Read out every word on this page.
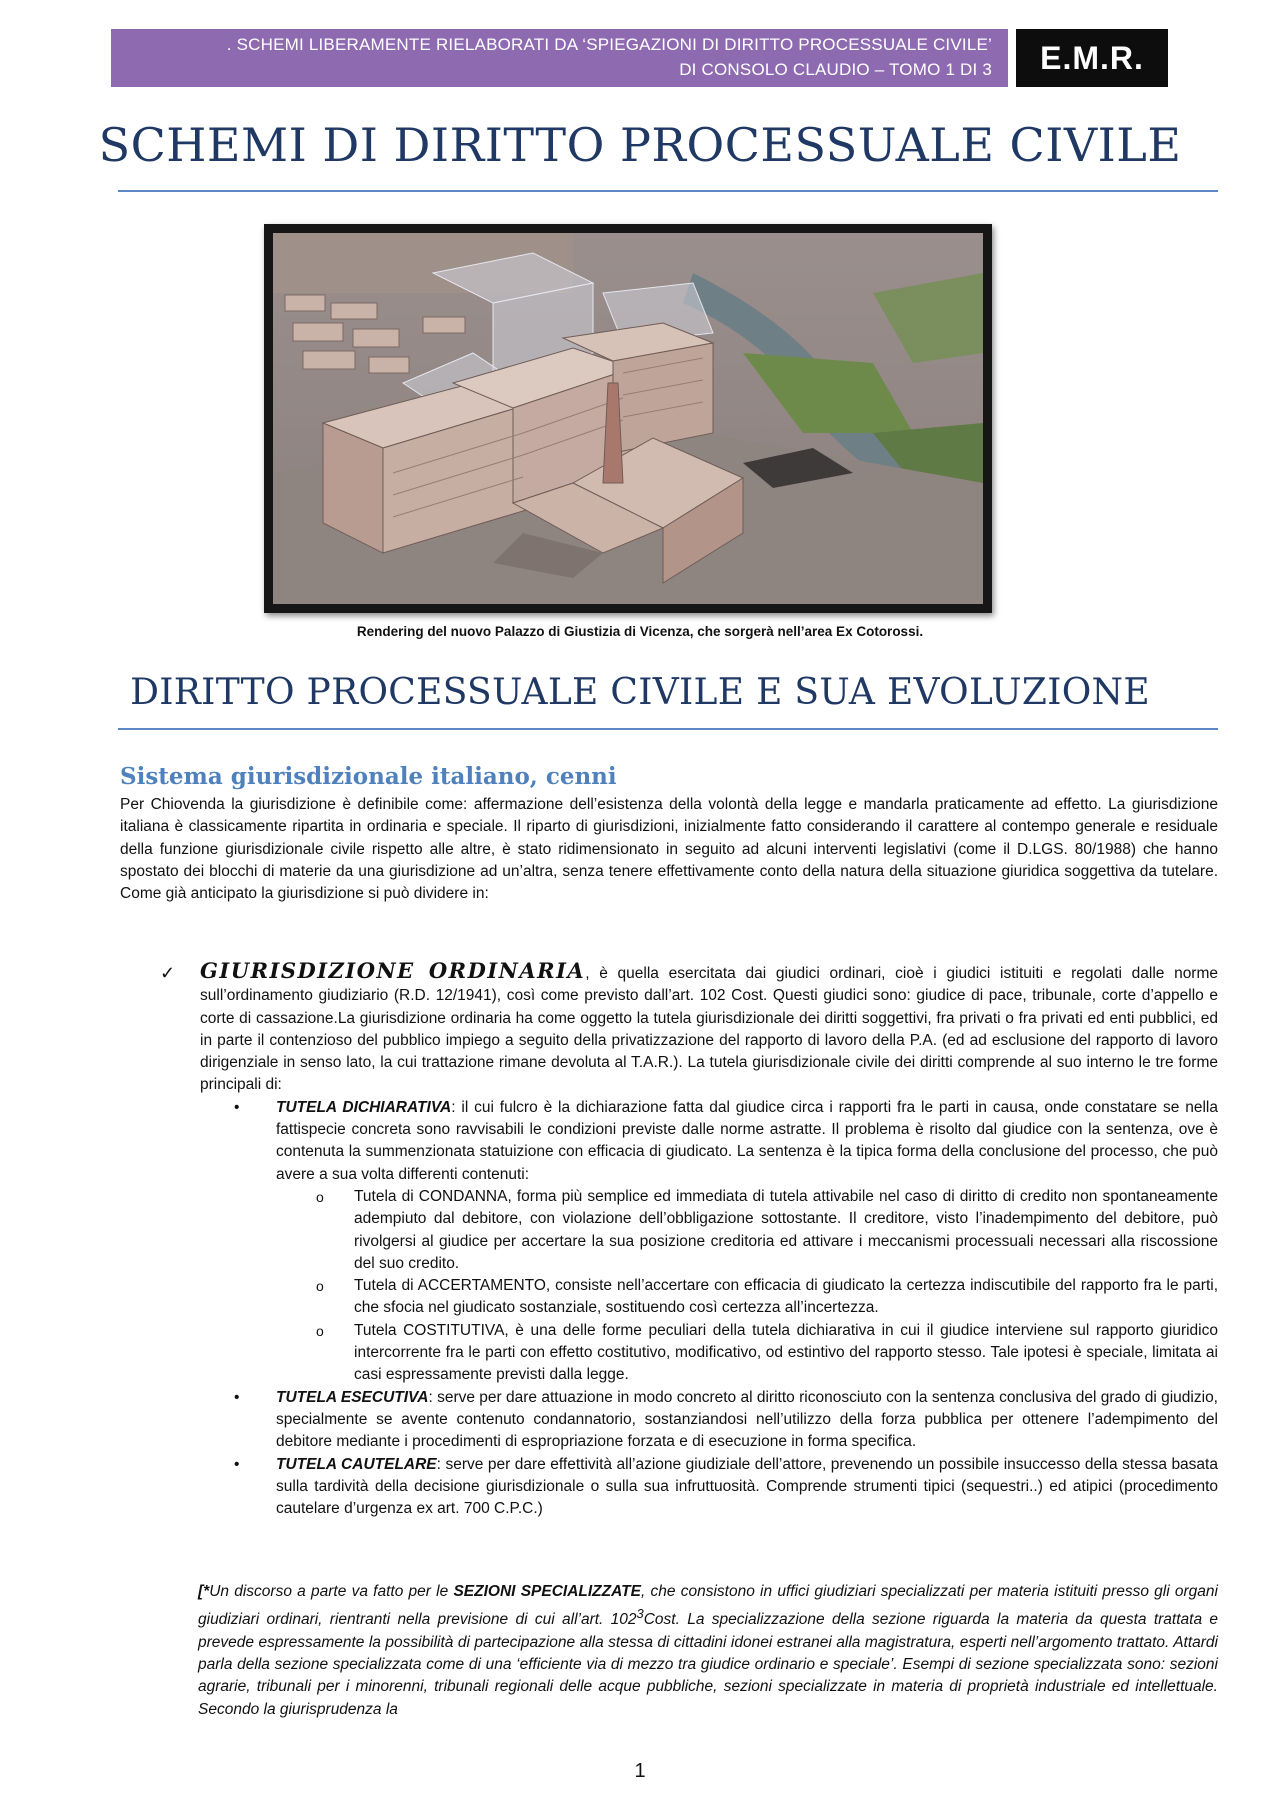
. SCHEMI LIBERAMENTE RIELABORATI DA ‘SPIEGAZIONI DI DIRITTO PROCESSUALE CIVILE’
DI CONSOLO CLAUDIO – TOMO 1 DI 3	E.M.R.
SCHEMI DI DIRITTO PROCESSUALE CIVILE
Rendering del nuovo Palazzo di Giustizia di Vicenza, che sorgerà nell’area Ex Cotorossi.
DIRITTO PROCESSUALE CIVILE E SUA EVOLUZIONE
Sistema giurisdizionale italiano, cenni

Per Chiovenda la giurisdizione è definibile come: affermazione dell’esistenza della volontà della legge e mandarla praticamente ad effetto. La giurisdizione italiana è classicamente ripartita in ordinaria e speciale. Il riparto di giurisdizioni, inizialmente fatto considerando il carattere al contempo generale e residuale della funzione giurisdizionale civile rispetto alle altre, è stato ridimensionato in seguito ad alcuni interventi legislativi (come il D.LGS. 80/1988) che hanno spostato dei blocchi di materie da una giurisdizione ad un’altra, senza tenere effettivamente conto della natura della situazione giuridica soggettiva da tutelare. Come già anticipato la giurisdizione si può dividere in:

✓ GIURISDIZIONE ORDINARIA, è quella esercitata dai giudici ordinari, cioè i giudici istituiti e regolati dalle norme sull’ordinamento giudiziario (R.D. 12/1941), così come previsto dall’art. 102 Cost. Questi giudici sono: giudice di pace, tribunale, corte d’appello e corte di cassazione.La giurisdizione ordinaria ha come oggetto la tutela giurisdizionale dei diritti soggettivi, fra privati o fra privati ed enti pubblici, ed in parte il contenzioso del pubblico impiego a seguito della privatizzazione del rapporto di lavoro della P.A. (ed ad esclusione del rapporto di lavoro dirigenziale in senso lato, la cui trattazione rimane devoluta al T.A.R.). La tutela giurisdizionale civile dei diritti comprende al suo interno le tre forme principali di:
• TUTELA DICHIARATIVA: il cui fulcro è la dichiarazione fatta dal giudice circa i rapporti fra le parti in causa, onde constatare se nella fattispecie concreta sono ravvisabili le condizioni previste dalle norme astratte. Il problema è risolto dal giudice con la sentenza, ove è contenuta la summenzionata statuizione con efficacia di giudicato. La sentenza è la tipica forma della conclusione del processo, che può avere a sua volta differenti contenuti:
o Tutela di CONDANNA, forma più semplice ed immediata di tutela attivabile nel caso di diritto di credito non spontaneamente adempiuto dal debitore, con violazione dell’obbligazione sottostante. Il creditore, visto l’inadempimento del debitore, può rivolgersi al giudice per accertare la sua posizione creditoria ed attivare i meccanismi processuali necessari alla riscossione del suo credito.
o Tutela di ACCERTAMENTO, consiste nell’accertare con efficacia di giudicato la certezza indiscutibile del rapporto fra le parti, che sfocia nel giudicato sostanziale, sostituendo così certezza all’incertezza.
o Tutela COSTITUTIVA, è una delle forme peculiari della tutela dichiarativa in cui il giudice interviene sul rapporto giuridico intercorrente fra le parti con effetto costitutivo, modificativo, od estintivo del rapporto stesso. Tale ipotesi è speciale, limitata ai casi espressamente previsti dalla legge.
• TUTELA ESECUTIVA: serve per dare attuazione in modo concreto al diritto riconosciuto con la sentenza conclusiva del grado di giudizio, specialmente se avente contenuto condannatorio, sostanziandosi nell’utilizzo della forza pubblica per ottenere l’adempimento del debitore mediante i procedimenti di espropriazione forzata e di esecuzione in forma specifica.
• TUTELA CAUTELARE: serve per dare effettività all’azione giudiziale dell’attore, prevenendo un possibile insuccesso della stessa basata sulla tardività della decisione giurisdizionale o sulla sua infruttuosità. Comprende strumenti tipici (sequestri..) ed atipici (procedimento cautelare d’urgenza ex art. 700 C.P.C.)

[*Un discorso a parte va fatto per le SEZIONI SPECIALIZZATE, che consistono in uffici giudiziari specializzati per materia istituiti presso gli organi giudiziari ordinari, rientranti nella previsione di cui all’art. $102^3Cost$. La specializzazione della sezione riguarda la materia da questa trattata e prevede espressamente la possibilità di partecipazione alla stessa di cittadini idonei estranei alla magistratura, esperti nell’argomento trattato. Attardi parla della sezione specializzata come di una ‘efficiente via di mezzo tra giudice ordinario e speciale’. Esempi di sezione specializzata sono: sezioni agrarie, tribunali per i minorenni, tribunali regionali delle acque pubbliche, sezioni specializzate in materia di proprietà industriale ed intellettuale. Secondo la giurisprudenza la

1
